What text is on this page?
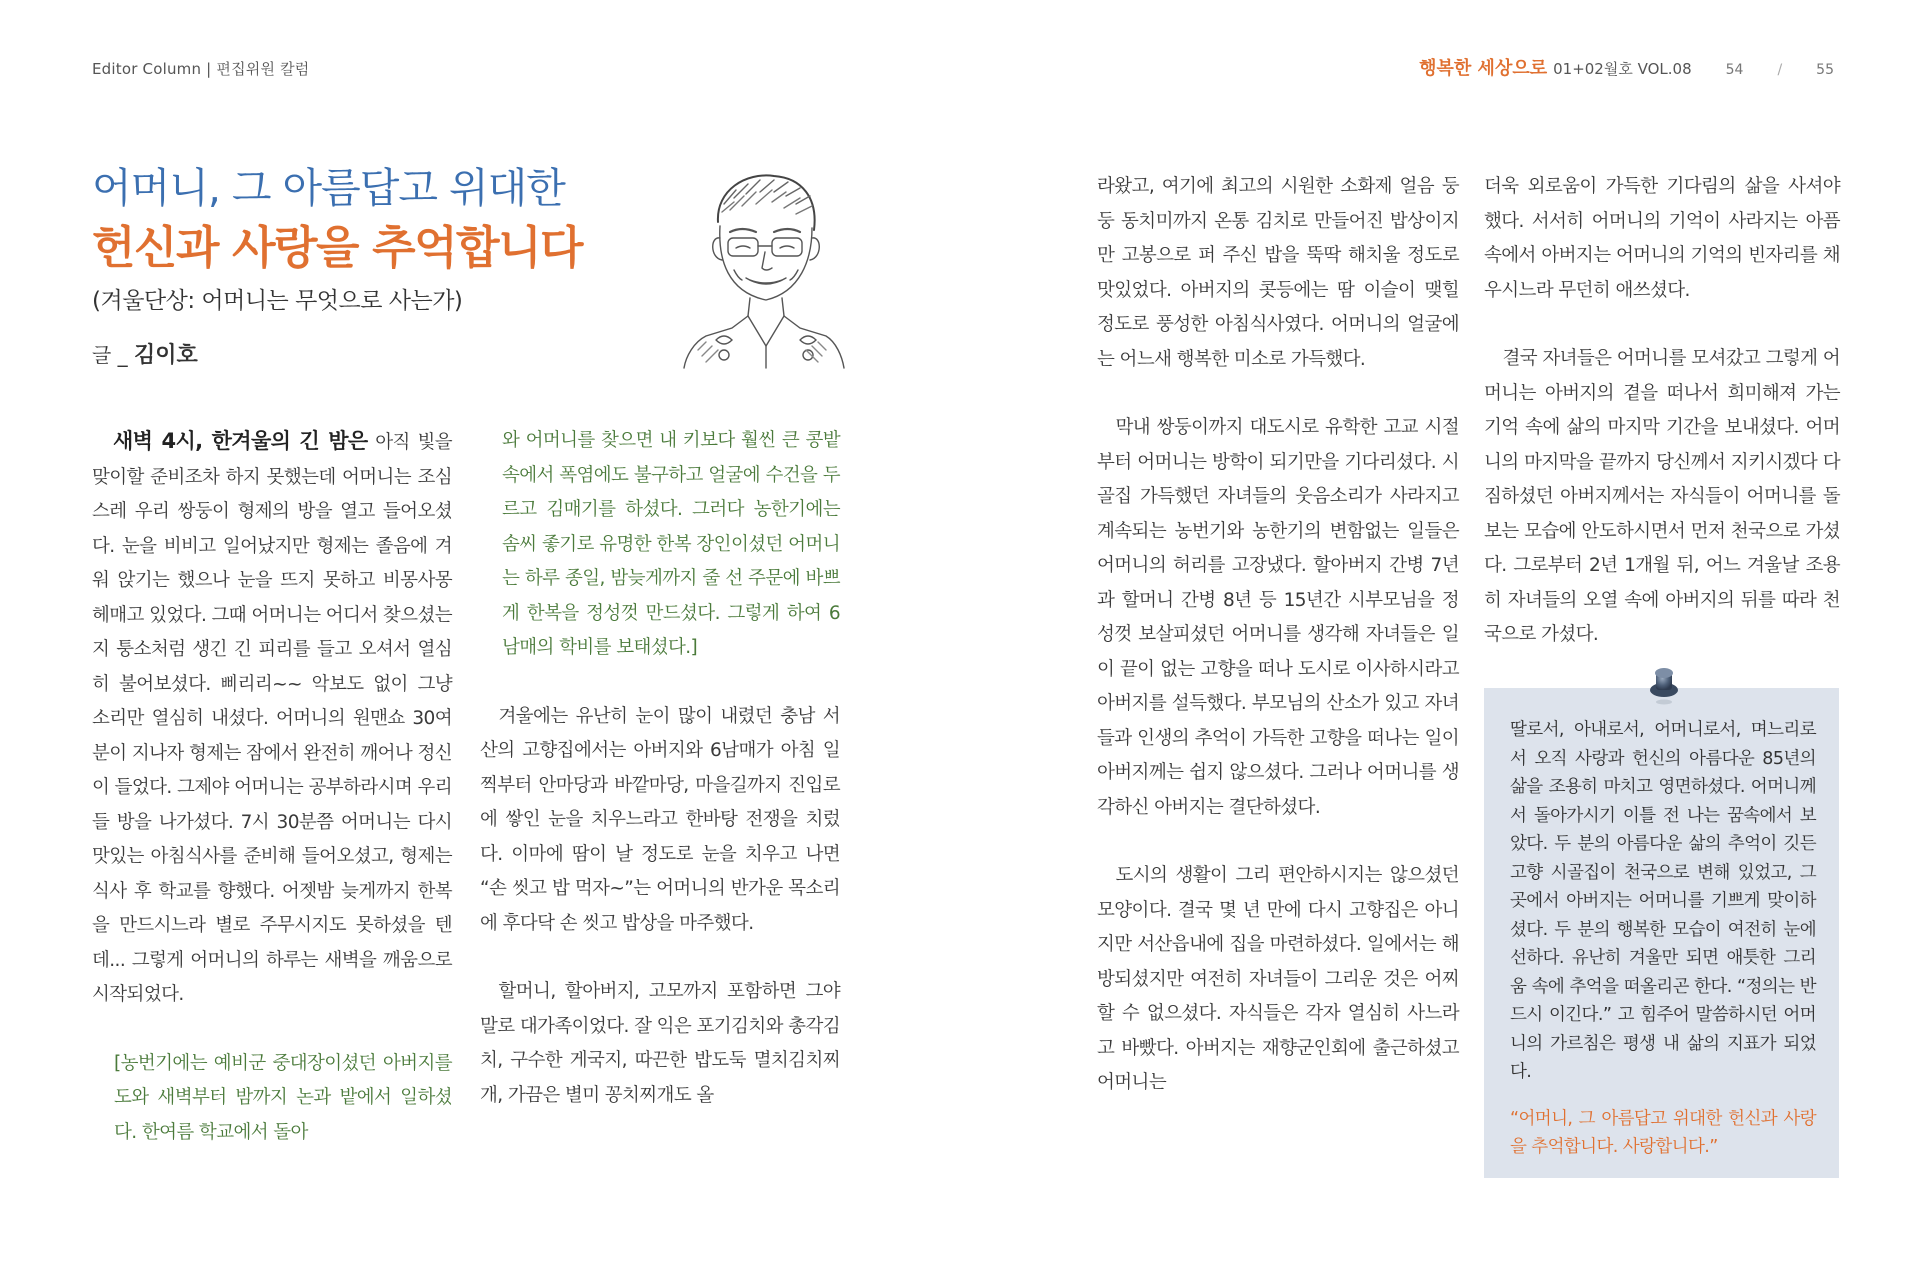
Editor Column | 편집위원 칼럼	행복한 세상으로 01+02월호 VOL.08 54 / 55
어머니, 그 아름답고 위대한
헌신과 사랑을 추억합니다
(겨울단상: 어머니는 무엇으로 사는가)
글 _ 김이호

새벽 4시, 한겨울의 긴 밤은 아직 빛을 맞이할 준비조차 하지 못했는데 어머니는 조심스레 우리 쌍둥이 형제의 방을 열고 들어오셨다. 눈을 비비고 일어났지만 형제는 졸음에 겨워 앉기는 했으나 눈을 뜨지 못하고 비몽사몽 헤매고 있었다. 그때 어머니는 어디서 찾으셨는지 퉁소처럼 생긴 긴 피리를 들고 오셔서 열심히 불어보셨다. 삐리리~~ 악보도 없이 그냥 소리만 열심히 내셨다. 어머니의 원맨쇼 30여분이 지나자 형제는 잠에서 완전히 깨어나 정신이 들었다. 그제야 어머니는 공부하라시며 우리들 방을 나가셨다. 7시 30분쯤 어머니는 다시 맛있는 아침식사를 준비해 들어오셨고, 형제는 식사 후 학교를 향했다. 어젯밤 늦게까지 한복을 만드시느라 별로 주무시지도 못하셨을 텐데... 그렇게 어머니의 하루는 새벽을 깨움으로 시작되었다.

[농번기에는 예비군 중대장이셨던 아버지를 도와 새벽부터 밤까지 논과 밭에서 일하셨다. 한여름 학교에서 돌아

와 어머니를 찾으면 내 키보다 훨씬 큰 콩밭 속에서 폭염에도 불구하고 얼굴에 수건을 두르고 김매기를 하셨다. 그러다 농한기에는 솜씨 좋기로 유명한 한복 장인이셨던 어머니는 하루 종일, 밤늦게까지 줄 선 주문에 바쁘게 한복을 정성껏 만드셨다. 그렇게 하여 6남매의 학비를 보태셨다.]

겨울에는 유난히 눈이 많이 내렸던 충남 서산의 고향집에서는 아버지와 6남매가 아침 일찍부터 안마당과 바깥마당, 마을길까지 진입로에 쌓인 눈을 치우느라고 한바탕 전쟁을 치렀다. 이마에 땀이 날 정도로 눈을 치우고 나면 “손 씻고 밥 먹자~”는 어머니의 반가운 목소리에 후다닥 손 씻고 밥상을 마주했다.

할머니, 할아버지, 고모까지 포함하면 그야말로 대가족이었다. 잘 익은 포기김치와 총각김치, 구수한 게국지, 따끈한 밥도둑 멸치김치찌개, 가끔은 별미 꽁치찌개도 올

라왔고, 여기에 최고의 시원한 소화제 얼음 둥둥 동치미까지 온통 김치로 만들어진 밥상이지만 고봉으로 퍼 주신 밥을 뚝딱 해치울 정도로 맛있었다. 아버지의 콧등에는 땀 이슬이 맺힐 정도로 풍성한 아침식사였다. 어머니의 얼굴에는 어느새 행복한 미소로 가득했다.

막내 쌍둥이까지 대도시로 유학한 고교 시절부터 어머니는 방학이 되기만을 기다리셨다. 시골집 가득했던 자녀들의 웃음소리가 사라지고 계속되는 농번기와 농한기의 변함없는 일들은 어머니의 허리를 고장냈다. 할아버지 간병 7년과 할머니 간병 8년 등 15년간 시부모님을 정성껏 보살피셨던 어머니를 생각해 자녀들은 일이 끝이 없는 고향을 떠나 도시로 이사하시라고 아버지를 설득했다. 부모님의 산소가 있고 자녀들과 인생의 추억이 가득한 고향을 떠나는 일이 아버지께는 쉽지 않으셨다. 그러나 어머니를 생각하신 아버지는 결단하셨다.

도시의 생활이 그리 편안하시지는 않으셨던 모양이다. 결국 몇 년 만에 다시 고향집은 아니지만 서산읍내에 집을 마련하셨다. 일에서는 해방되셨지만 여전히 자녀들이 그리운 것은 어찌할 수 없으셨다. 자식들은 각자 열심히 사느라고 바빴다. 아버지는 재향군인회에 출근하셨고 어머니는

더욱 외로움이 가득한 기다림의 삶을 사셔야 했다. 서서히 어머니의 기억이 사라지는 아픔 속에서 아버지는 어머니의 기억의 빈자리를 채우시느라 무던히 애쓰셨다.

결국 자녀들은 어머니를 모셔갔고 그렇게 어머니는 아버지의 곁을 떠나서 희미해져 가는 기억 속에 삶의 마지막 기간을 보내셨다. 어머니의 마지막을 끝까지 당신께서 지키시겠다 다짐하셨던 아버지께서는 자식들이 어머니를 돌보는 모습에 안도하시면서 먼저 천국으로 가셨다. 그로부터 2년 1개월 뒤, 어느 겨울날 조용히 자녀들의 오열 속에 아버지의 뒤를 따라 천국으로 가셨다.

딸로서, 아내로서, 어머니로서, 며느리로서 오직 사랑과 헌신의 아름다운 85년의 삶을 조용히 마치고 영면하셨다. 어머니께서 돌아가시기 이틀 전 나는 꿈속에서 보았다. 두 분의 아름다운 삶의 추억이 깃든 고향 시골집이 천국으로 변해 있었고, 그 곳에서 아버지는 어머니를 기쁘게 맞이하셨다. 두 분의 행복한 모습이 여전히 눈에 선하다. 유난히 겨울만 되면 애틋한 그리움 속에 추억을 떠올리곤 한다. “정의는 반드시 이긴다.” 고 힘주어 말씀하시던 어머니의 가르침은 평생 내 삶의 지표가 되었다.

“어머니, 그 아름답고 위대한 헌신과 사랑을 추억합니다. 사랑합니다.”
